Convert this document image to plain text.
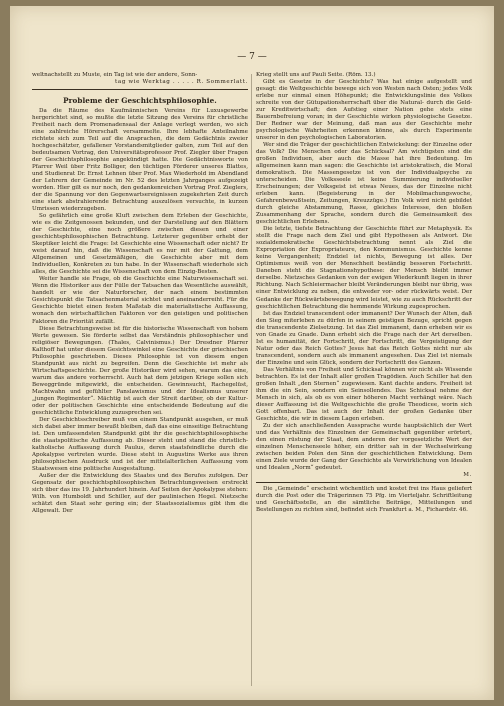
— 7 —

weltnachstellt zu Muste, ein Tag ist wie der andere, Sonn-

tag wie Werktag . . . . . R. Sommerlatt.

Probleme der Geschichtsphilosophie.

Da die Räume des Kaufmännischen Vereins für Luxusgewerbe hergerichtet sind, so mußte die letzte Sitzung des Vereins für christliche Freiheit nach dem Promenadensaal der Anlage verlegt werden, wo sich eine zahlreiche Hörerschaft versammelte. Ihre lebhafte Anteilnahme richtete sich zum Teil auf die Ansprachen, die dem Gedächtnis zweier hochgeschätzter, gefallener Vorstandsmitglieder galten, zum Teil auf den bedeutsamen Vortrag, den Universitätsprofessor Prof. Ziegler über Fragen der Geschichtsphilosophie angekündigt hatte. Die Gedächtnisworte von Pfarrer Weil über Fritz Bolliger, den tüchtigen Förderer unseres Blattes, und Studienrat Dr. Ernst Lehnen über Prof. Max Wiederhold im Abendland der Lehrern der Gemeinde im Nr. 52 des letzten Jahrganges aufgezeigt worden. Hier gilt es nur noch, den gedankenreichen Vortrag Prof. Zieglers, der die Spannung vor den Gegenwartsereignissen zugekehrten Zeit durch eine stark abstrahierende Betrachtung auszulösen versuchte, in kurzen Umrissen wiederzugeben.

So gefährlich eine große Kluft zwischen dem Erleben der Geschichte, wie es die Zeitgenossen bekunden, und der Darstellung auf den Blättern der Geschichte, eine noch größere zwischen diesen und einer geschichtsphilosophischen Betrachtung. Letzterer gegenüber erhebt der Skeptiker leicht die Frage: Ist Geschichte eine Wissenschaft oder nicht? Er weist darauf hin, daß die Wissenschaft es nur mit der Gattung, dem Allgemeinen und Gesetzmäßigen, die Geschichte aber mit dem Individuellen, Konkreten zu tun habe. In der Wissenschaft wiederhole sich alles, die Geschichte sei die Wissenschaft von dem Einzig-Besten.

Weiter handle sie Frage, ob die Geschichte eine Naturwissenschaft sei. Wenn die Historiker aus der Fülle der Tatsachen das Wesentliche auswählt, handelt er wie der Naturforscher, der nach einem bestimmten Gesichtspunkt die Tatsachenmaterial sichtet und aneinanderreiht. Für die Geschichte bietet einen festen Maßstab die materialistische Auffassung, wonach den wirtschaftlichen Faktoren vor den geistigen und politischen Faktoren die Priorität zufällt.

Diese Betrachtungsweise ist für die historische Wissenschaft von hohem Werte gewesen. Sie förderte selbst das Verständnis philosophischer und religiöser Bewegungen. (Thales, Calvinismus.) Der Dresdner Pfarrer Kalthoff hat unter diesem Gesichtswinkel eine Geschichte der griechischen Philosophie geschrieben. Dieses Philosophie ist von diesem engen Standpunkt aus nicht zu begreifen. Denn die Geschichte ist mehr als Wirtschaftsgeschichte. Der große Historiker wird sehen, warum das eine, warum das andere vorherrscht. Auch hat dem jetzigen Kriege sollen sich Beweggründe mitgewirkt, die entscheiden. Gewinnsucht, Rachegelüst, Machtwahn und gefühlter Panslawismus und der Idealismus unserer „jungen Regimenter“. Mächtig ist auch der Streit darüber, ob der Kultur- oder der politischen Geschichte eine entscheidende Bedeutung auf die geschichtliche Entwicklung zuzusprechen sei.

Der Geschichtsschreiber muß von einem Standpunkt ausgehen, er muß sich dabei aber immer bewußt bleiben, daß das eine einseitige Betrachtung ist. Den umfassendsten Standpunkt gibt ihr die geschichtsphilosophische die staatspolitische Auffassung ab. Dieser steht und stand die christlich-katholische Auffassung durch Paulus, deren staatsfeindliche durch die Apokalypse vertreten wurde. Diese steht in Augustins Werke aus ihren philosophischen Ausdruck und ist der mittelalterlichen Auffassung vom Staatswesen eine politische Ausgestaltung.

Außer der die Entwicklung des Staates und des Berufes zufolgen. Der Gegensatz der geschichtsphilosophischen Betrachtungsweisen erstreckt sich über das ins 19. Jahrhundert hinein. Auf Seiten der Apokalypse stehen: Wilh. von Humboldt und Schiller, auf der paulinischen Hegel. Nietzsche schätzt den Staat sehr gering ein; der Staatssozialismus gibt ihm die Allgewalt. Der

Krieg stellt uns auf Pauli Seite. (Röm. 13.)

Gibt es Gesetze in der Geschichte? Was hat einige aufgestellt und gesagt: die Weltgeschichte bewege sich von Westen nach Osten; jedes Volk erlebe nur einmal einen Höhepunkt; die Entwicklungslinie des Volkes schreite von der Gütupationsherrschaft über die Natural- durch die Geld- zur Kreditwirtschaft; den Aufstieg einer Nation gehe stets eine Bauernbefreiung voran; in der Geschichte wirken physiologische Gesetze. Der Redner war der Meinung, daß man aus der Geschichte mehr psychologische Wahrheiten erkennen könne, als durch Experimente unserer in den psychologischen Laboratorien.

Wer sind die Träger der geschichtlichen Entwickelung: der Einzelne oder das Volk? Die Menschen oder das Schicksal? Am wichtigsten sind die großen Individuen, aber auch die Masse hat ihre Bedeutung. Im allgemeinen kann man sagen: die Geschichte ist aristokratisch, die Moral demokratisch. Die Massengesetze ist von der Individualpsyche zu unterscheiden. Die Volksseele ist keine Summierung individueller Erscheinungen; der Volksgeist ist etwas Neues, das der Einzelne nicht erleben kann. (Begeisterung in der Mobilmachungswoche, Gefahrenbewußtsein, Zeitungen, Kreuzzüge.) Ein Volk wird nicht gebildet durch gleiche Abstammung, Rasse, gleiches Interesse, den bloßen Zusammenhang der Sprache, sondern durch die Gemeinsamkeit des geschichtlichen Erlebens.

Die letzte, tiefste Betrachtung der Geschichte führt zur Metaphysik. Es stellt die Frage nach dem Ziel und gibt Hypothesen als Antwort. Die sozialdemokratische Geschichtsbetrachtung nennt als Ziel die Expropriation der Expropriateure, den Kommunismus. Geschichte kenne keine Vergangenheit; Endziel ist nichts, Bewegung ist alles. Der Optimismus weiß von der Menschheit beständig besseren Fortschritt. Daneben steht die Stagnationshypothese: der Mensch bleibt immer derselbe. Nietzsches Gedanken von der ewigen Wiederkunft liegen in ihrer Richtung. Nach Schleiermacher bleibt Veränderungen bleibt nur übrig, was einer Entwicklung zu neben, die entweder vor- oder rückwärts weist. Der Gedanke der Rückwärtsbewegung wird leistet, wie zu auch Rückschritt der geschichtlichen Betrachtung die hemmende Wirkung zugesprochen.

Ist das Endziel transcendent oder immanent? Der Wunsch der Alten, daß den Sieg miterleben zu dürfen in seinem geistigen Bezuge, spricht gegen die transcendente Zielsetzung. Ist das Ziel immanent, dann erheben wir es von Gnade zu Gnade. Dann erhebt sich die Frage nach der Art derselben. Ist es humanität, der Fortschritt, der Fortschritt, die Vergeistigung der Natur oder das Reich Gottes? Jesus hat das Reich Gottes nicht nur als transcendent, sondern auch als immanent angesehen. Das Ziel ist niemals der Einzelne und sein Glück, sondern der Fortschritt des Ganzen.

Das Verhältnis von Freiheit und Schicksal können wir nicht als Wissende betrachten. Es ist der Inhalt aller großen Tragödien. Auch Schiller hat den großen Inhalt „den Sternen“ zugewiesen. Kant dachte anders. Freiheit ist ihm die ein Sein, sondern ein Seinsollendes. Das Schicksal nehme der Mensch in sich, als ob es von einer höheren Macht verhängt wäre. Nach dieser Auffassung ist die Weltgeschichte die große Theodicee, worin sich Gott offenbart. Das ist auch der Inhalt der großen Gedanke über Geschichte, die wir in diesem Lagen erleben.

Zu der sich anschließenden Aussprache wurde hauptsächlich der Wert und das Verhältnis des Einzelnen der Gemeinschaft gegenüber erörtert, den einen rüstung der Staat, dem anderen der vorgesetzliche Wert der einzelnen Menschenseele höher, ein dritter sah in der Wechselwirkung zwischen beiden Polen den Sinn der geschichtlichen Entwicklung. Dem einen Ziele wurde der Gang der Geschichte als Verwirklichung von Idealen und Idealen „Norm“ gedeutet.

M.

Die „Gemeinde“ erscheint wöchentlich und kostet frei ins Haus geliefert durch die Post oder die Trägerinnen 75 Pfg. im Vierteljahr. Schriftleitung und Geschäftsstelle, an die sämtliche Beiträge, Mitteilungen und Bestellungen zu richten sind, befindet sich Frankfurt a. M., Fichardstr. 46.
